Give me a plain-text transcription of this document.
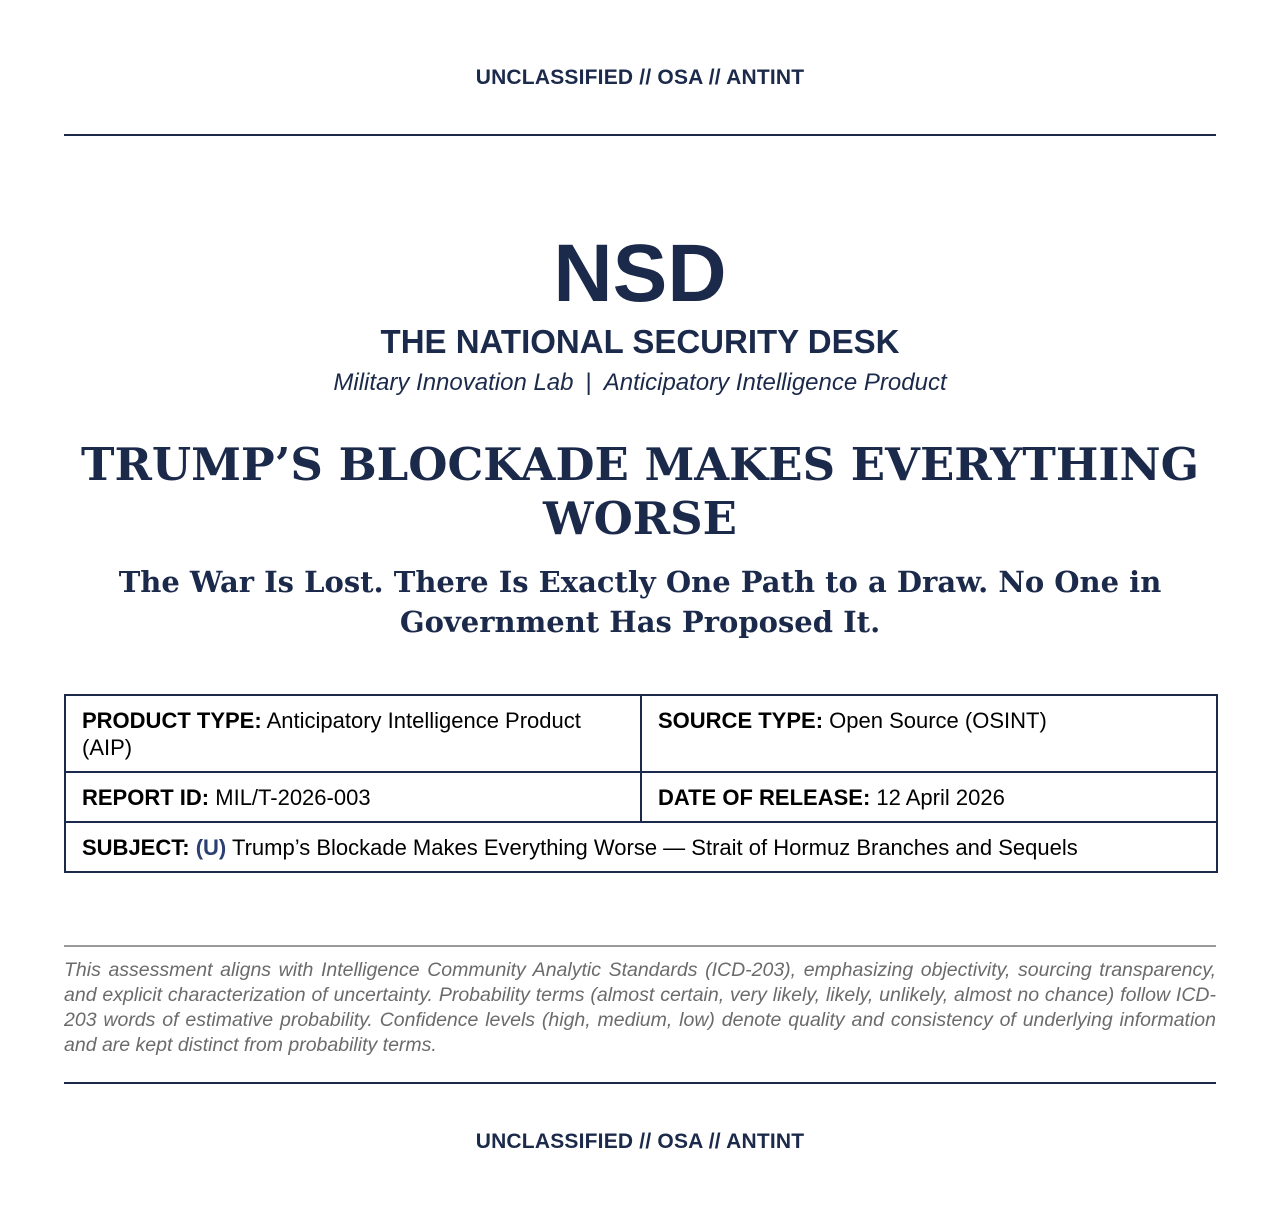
UNCLASSIFIED // OSA // ANTINT
NSD
THE NATIONAL SECURITY DESK
Military Innovation Lab | Anticipatory Intelligence Product
TRUMP’S BLOCKADE MAKES EVERYTHING WORSE
The War Is Lost. There Is Exactly One Path to a Draw. No One in Government Has Proposed It.
PRODUCT TYPE: Anticipatory Intelligence Product (AIP)	SOURCE TYPE: Open Source (OSINT)
REPORT ID: MIL/T-2026-003	DATE OF RELEASE: 12 April 2026
SUBJECT: (U) Trump’s Blockade Makes Everything Worse — Strait of Hormuz Branches and Sequels	
This assessment aligns with Intelligence Community Analytic Standards (ICD-203), emphasizing objectivity, sourcing transparency, and explicit characterization of uncertainty. Probability terms (almost certain, very likely, likely, unlikely, almost no chance) follow ICD-203 words of estimative probability. Confidence levels (high, medium, low) denote quality and consistency of underlying information and are kept distinct from probability terms.
UNCLASSIFIED // OSA // ANTINT
